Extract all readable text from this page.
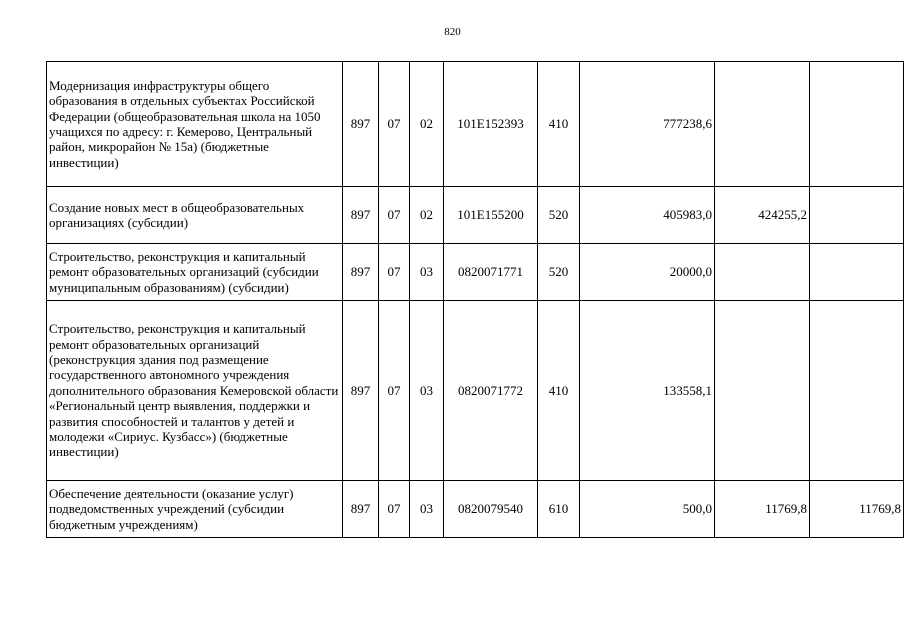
820
Модернизация инфраструктуры общего образования в отдельных субъектах Российской Федерации (общеобразовательная школа на 1050 учащихся по адресу: г. Кемерово, Центральный район, микрорайон № 15а) (бюджетные инвестиции)	897	07	02	101E152393	410	777238,6		
Создание новых мест в общеобразовательных организациях (субсидии)	897	07	02	101E155200	520	405983,0	424255,2	
Строительство, реконструкция и капитальный ремонт образовательных организаций (субсидии муниципальным образованиям) (субсидии)	897	07	03	0820071771	520	20000,0		
Строительство, реконструкция и капитальный ремонт образовательных организаций (реконструкция здания под размещение государственного автономного учреждения дополнительного образования Кемеровской области «Региональный центр выявления, поддержки и развития способностей и талантов у детей и молодежи «Сириус. Кузбасс») (бюджетные инвестиции)	897	07	03	0820071772	410	133558,1		
Обеспечение деятельности (оказание услуг) подведомственных учреждений (субсидии бюджетным учреждениям)	897	07	03	0820079540	610	500,0	11769,8	11769,8
